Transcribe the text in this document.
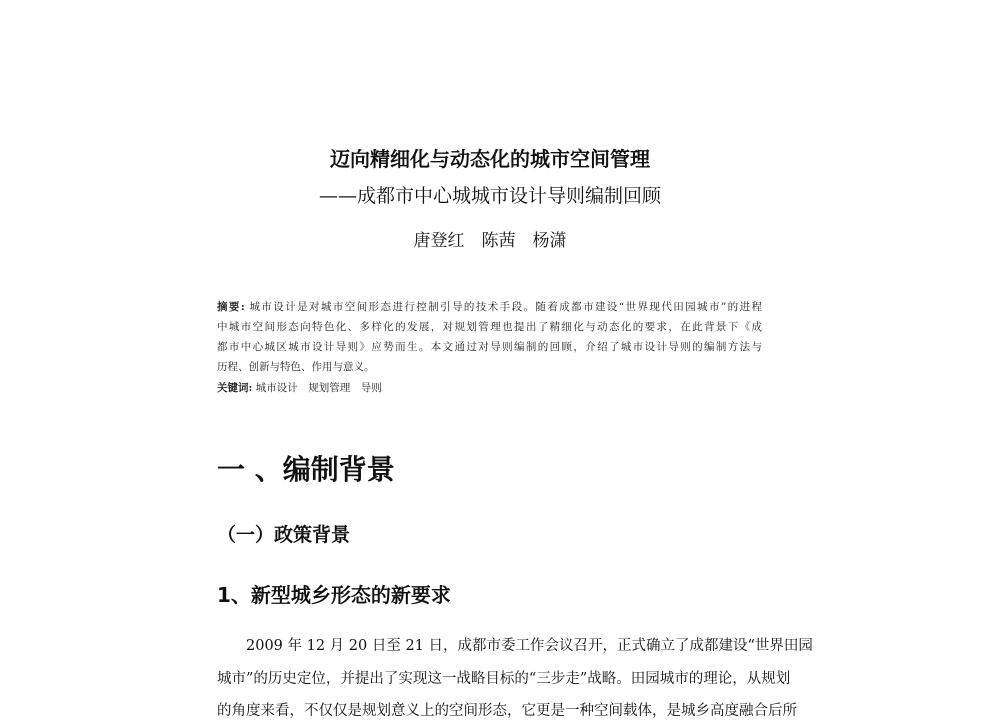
迈向精细化与动态化的城市空间管理
——成都市中心城城市设计导则编制回顾
唐登红　陈茜　杨潇
摘要: 城市设计是对城市空间形态进行控制引导的技术手段。随着成都市建设“世界现代田园城市”的进程
中城市空间形态向特色化、多样化的发展，对规划管理也提出了精细化与动态化的要求，在此背景下《成
都市中心城区城市设计导则》应势而生。本文通过对导则编制的回顾，介绍了城市设计导则的编制方法与
历程、创新与特色、作用与意义。
关键词: 城市设计　规划管理　导则
一 、编制背景
（一）政策背景
1、新型城乡形态的新要求
　　2009 年 12 月 20 日至 21 日，成都市委工作会议召开，正式确立了成都建设“世界田园
城市”的历史定位，并提出了实现这一战略目标的“三步走”战略。田园城市的理论，从规划
的角度来看，不仅仅是规划意义上的空间形态，它更是一种空间载体，是城乡高度融合后所
